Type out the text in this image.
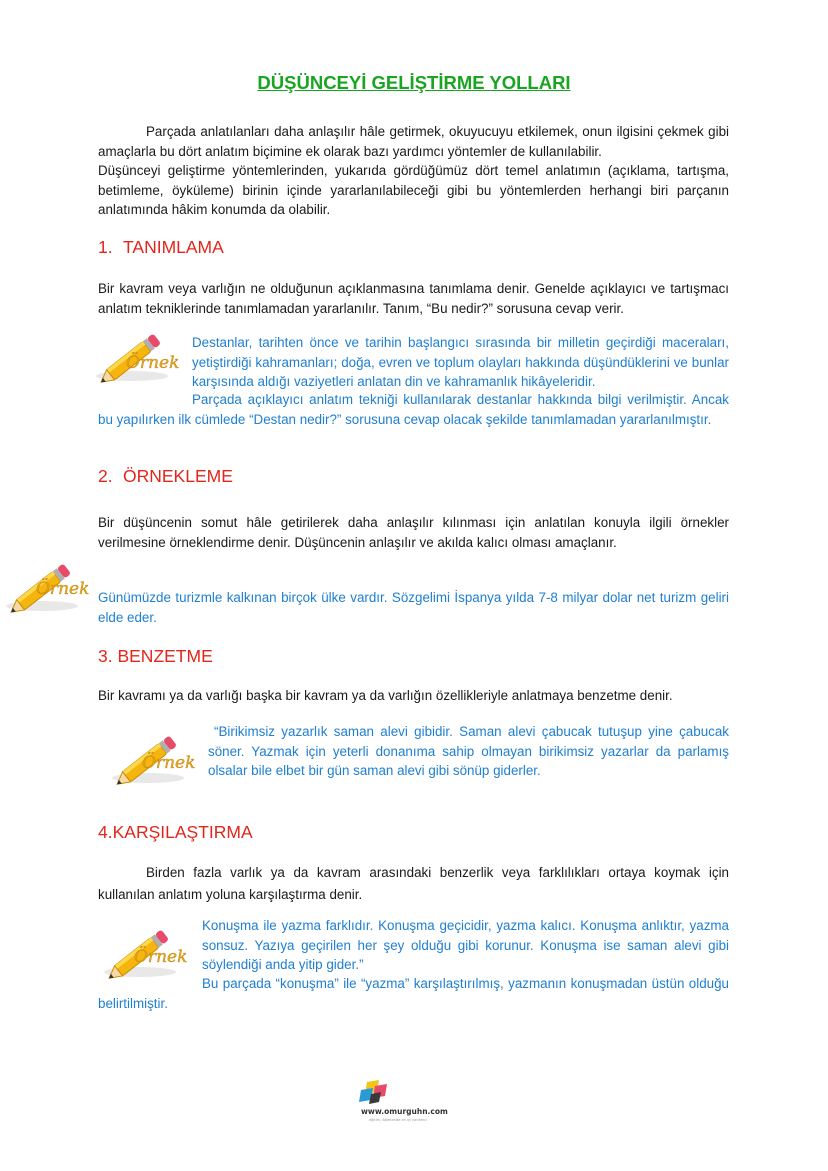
DÜŞÜNCEYİ GELİŞTİRME YOLLARI

Parçada anlatılanları daha anlaşılır hâle getirmek, okuyucuyu etkilemek, onun ilgisini çekmek gibi amaçlarla bu dört anlatım biçimine ek olarak bazı yardımcı yöntemler de kullanılabilir.

Düşünceyi geliştirme yöntemlerinden, yukarıda gördüğümüz dört temel anlatımın (açıklama, tartışma, betimleme, öyküleme) birinin içinde yararlanılabileceği gibi bu yöntemlerden herhangi biri parçanın anlatımında hâkim konumda da olabilir.

1. TANIMLAMA
Bir kavram veya varlığın ne olduğunun açıklanmasına tanımlama denir. Genelde açıklayıcı ve tartışmacı anlatım tekniklerinde tanımlamadan yararlanılır. Tanım, “Bu nedir?” sorusuna cevap verir.
Örnek
Destanlar, tarihten önce ve tarihin başlangıcı sırasında bir milletin geçirdiği maceraları, yetiştirdiği kahramanları; doğa, evren ve toplum olayları hakkında düşündüklerini ve bunlar karşısında aldığı vaziyetleri anlatan din ve kahramanlık hikâyeleridir.
Parçada açıklayıcı anlatım tekniği kullanılarak destanlar hakkında bilgi verilmiştir. Ancak bu yapılırken ilk cümlede “Destan nedir?” sorusuna cevap olacak şekilde tanımlamadan yararlanılmıştır.
2. ÖRNEKLEME
Bir düşüncenin somut hâle getirilerek daha anlaşılır kılınması için anlatılan konuyla ilgili örnekler verilmesine örneklendirme denir. Düşüncenin anlaşılır ve akılda kalıcı olması amaçlanır.
Örnek Günümüzde turizmle kalkınan birçok ülke vardır. Sözgelimi İspanya yılda 7-8 milyar dolar net turizm geliri elde eder.
3. BENZETME
Bir kavramı ya da varlığı başka bir kavram ya da varlığın özellikleriyle anlatmaya benzetme denir.
Örnek
“Birikimsiz yazarlık saman alevi gibidir. Saman alevi çabucak tutuşup yine çabucak söner. Yazmak için yeterli donanıma sahip olmayan birikimsiz yazarlar da parlamış olsalar bile elbet bir gün saman alevi gibi sönüp giderler.
4.KARŞILAŞTIRMA
Birden fazla varlık ya da kavram arasındaki benzerlik veya farklılıkları ortaya koymak için kullanılan anlatım yoluna karşılaştırma denir.
Örnek
Konuşma ile yazma farklıdır. Konuşma geçicidir, yazma kalıcı. Konuşma anlıktır, yazma sonsuz. Yazıya geçirilen her şey olduğu gibi korunur. Konuşma ise saman alevi gibi söylendiği anda yitip gider.”
Bu parçada “konuşma” ile “yazma” karşılaştırılmış, yazmanın konuşmadan üstün olduğu belirtilmiştir.
www.omurguhn.com
eğitim, öğretimde en iyi yardımcı
